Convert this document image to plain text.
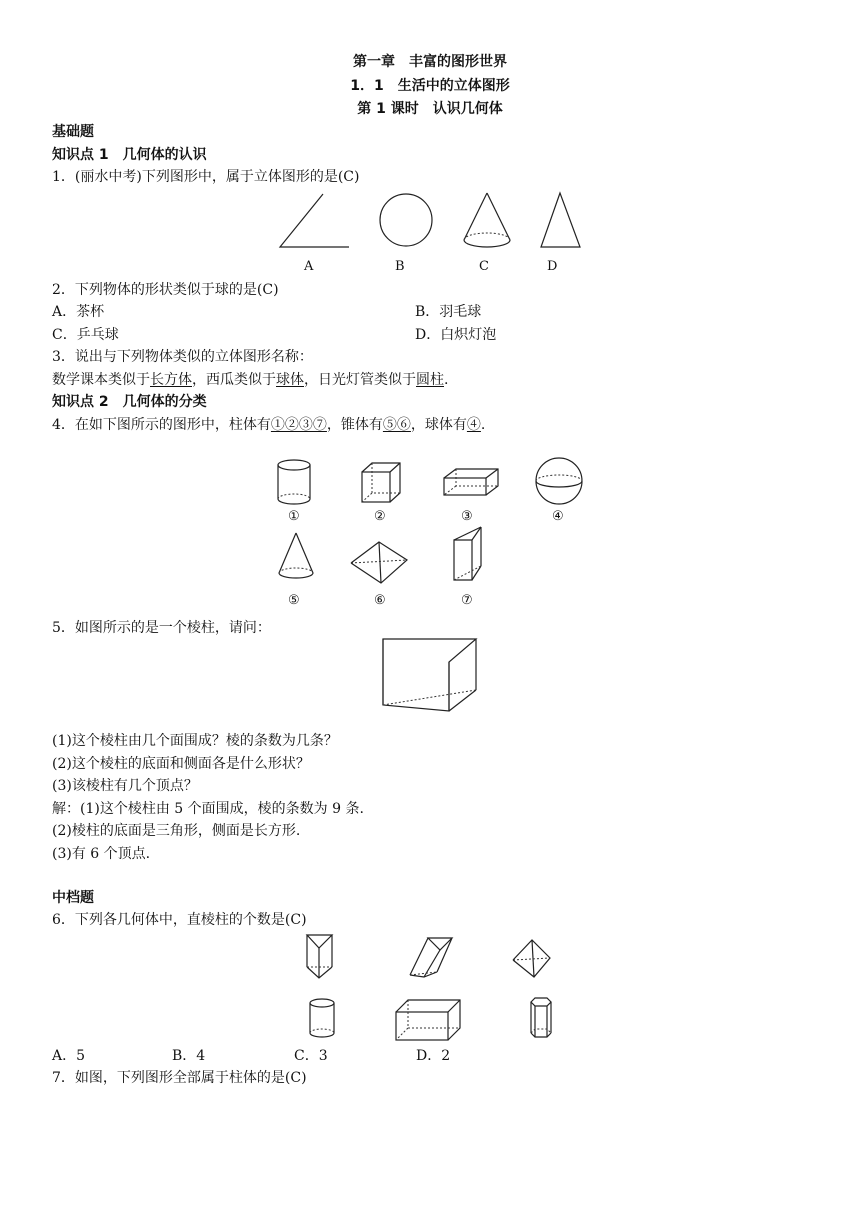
第一章　丰富的图形世界
1．1　生活中的立体图形
第 1 课时　认识几何体
基础题
知识点 1　几何体的认识
1．(丽水中考)下列图形中，属于立体图形的是(C)
A	B	C	D
2．下列物体的形状类似于球的是(C)
A．茶杯	B．羽毛球
C．乒乓球	D．白炽灯泡
3．说出与下列物体类似的立体图形名称：
数学课本类似于长方体，西瓜类似于球体，日光灯管类似于圆柱.
知识点 2　几何体的分类
4．在如下图所示的图形中，柱体有①②③⑦，锥体有⑤⑥，球体有④.
①	②	③	④
⑤	⑥	⑦
5．如图所示的是一个棱柱，请问：
(1)这个棱柱由几个面围成？棱的条数为几条？
(2)这个棱柱的底面和侧面各是什么形状？
(3)该棱柱有几个顶点？
解：(1)这个棱柱由 5 个面围成，棱的条数为 9 条.
(2)棱柱的底面是三角形，侧面是长方形.
(3)有 6 个顶点.
中档题
6．下列各几何体中，直棱柱的个数是(C)
A．5	B．4	C．3	D．2
7．如图，下列图形全部属于柱体的是(C)
